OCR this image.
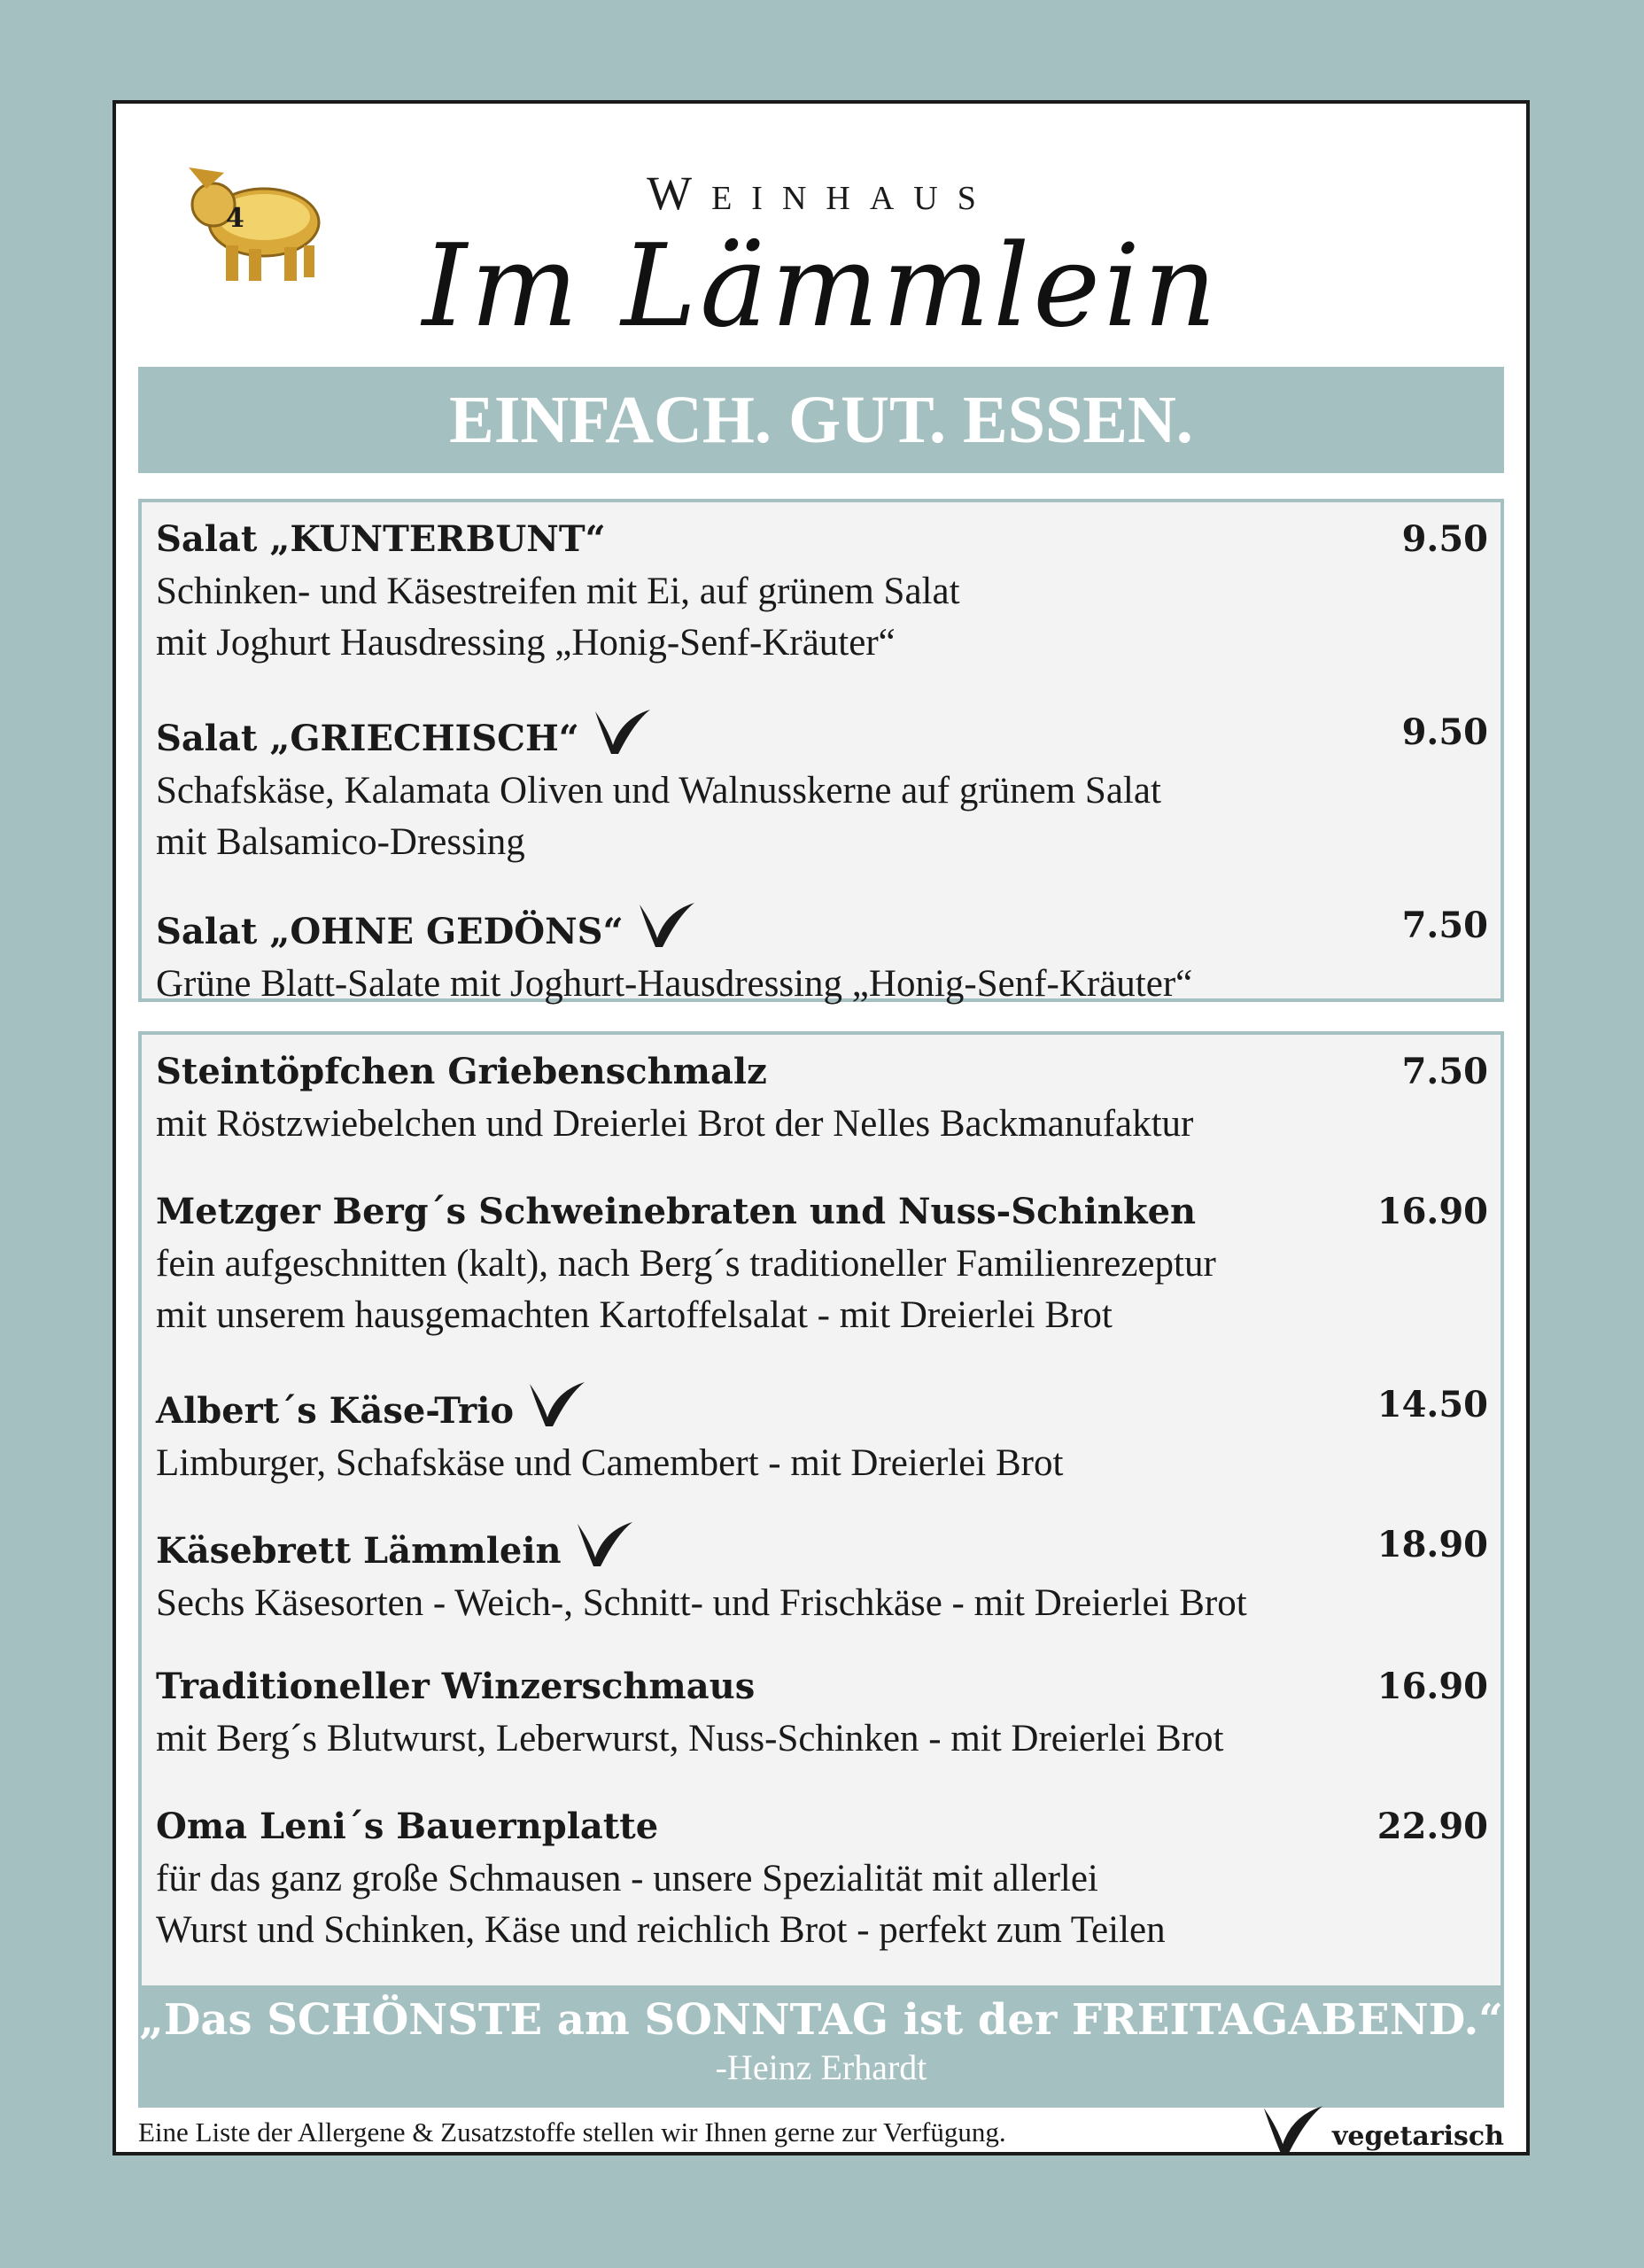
4	Weinhaus
Im Lämmlein
EINFACH. GUT. ESSEN.
Salat „KUNTERBUNT“	9.50
Schinken- und Käsestreifen mit Ei, auf grünem Salat
mit Joghurt Hausdressing „Honig-Senf-Kräuter“
Salat „GRIECHISCH“	9.50
Schafskäse, Kalamata Oliven und Walnusskerne auf grünem Salat
mit Balsamico-Dressing
Salat „OHNE GEDÖNS“	7.50
Grüne Blatt-Salate mit Joghurt-Hausdressing „Honig-Senf-Kräuter“
Steintöpfchen Griebenschmalz	7.50
mit Röstzwiebelchen und Dreierlei Brot der Nelles Backmanufaktur
Metzger Berg´s Schweinebraten und Nuss-Schinken	16.90
fein aufgeschnitten (kalt), nach Berg´s traditioneller Familienrezeptur
mit unserem hausgemachten Kartoffelsalat - mit Dreierlei Brot
Albert´s Käse-Trio	14.50
Limburger, Schafskäse und Camembert - mit Dreierlei Brot
Käsebrett Lämmlein	18.90
Sechs Käsesorten - Weich-, Schnitt- und Frischkäse - mit Dreierlei Brot
Traditioneller Winzerschmaus	16.90
mit Berg´s Blutwurst, Leberwurst, Nuss-Schinken - mit Dreierlei Brot
Oma Leni´s Bauernplatte	22.90
für das ganz große Schmausen - unsere Spezialität mit allerlei
Wurst und Schinken, Käse und reichlich Brot - perfekt zum Teilen
„Das SCHÖNSTE am SONNTAG ist der FREITAGABEND.“
-Heinz Erhardt
Eine Liste der Allergene & Zusatzstoffe stellen wir Ihnen gerne zur Verfügung.	vegetarisch
